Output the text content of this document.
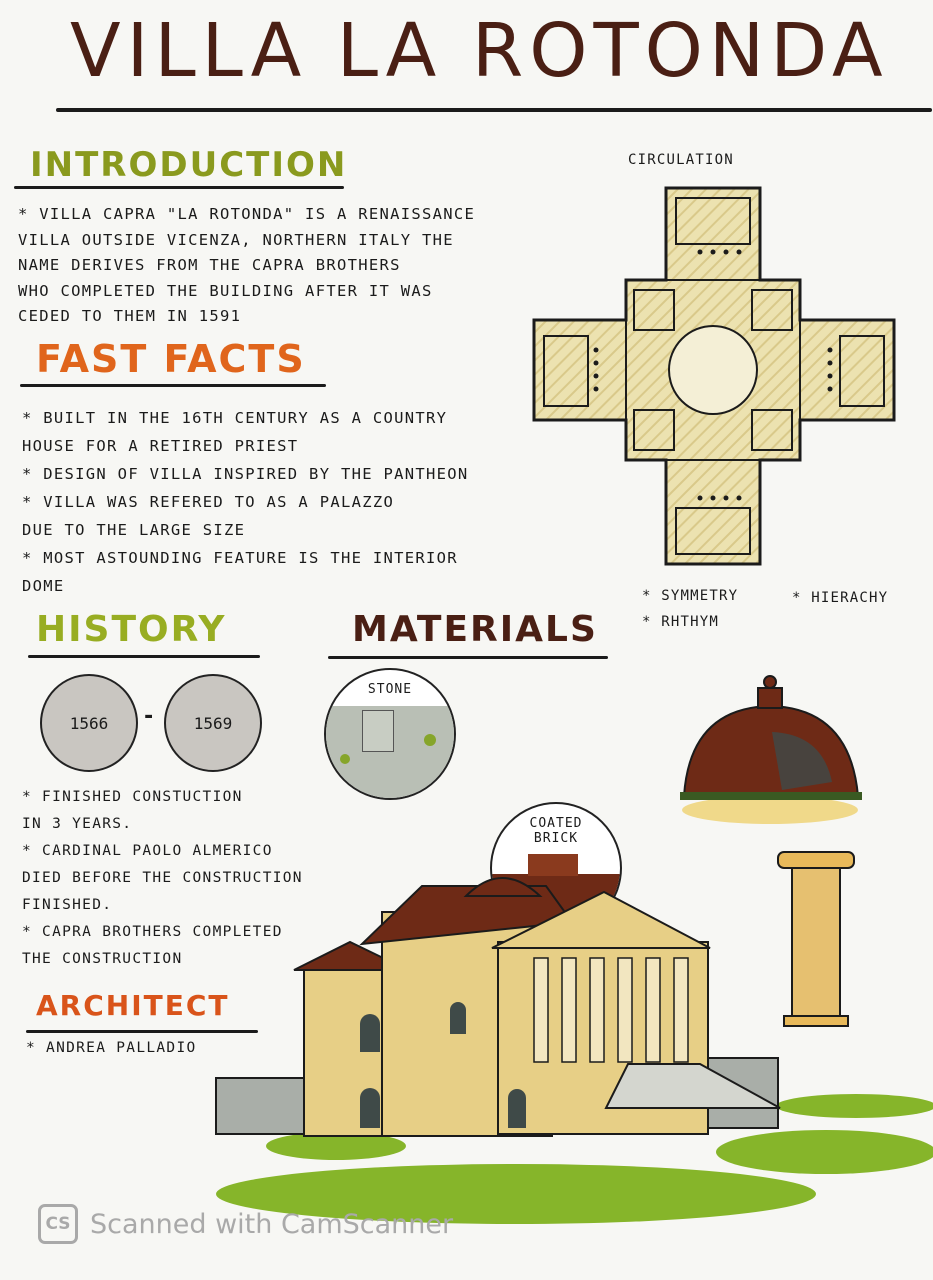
VILLA LA ROTONDA
INTRODUCTION

* VILLA CAPRA "LA ROTONDA" IS A RENAISSANCE

VILLA OUTSIDE VICENZA, NORTHERN ITALY THE

NAME DERIVES FROM THE CAPRA BROTHERS

WHO COMPLETED THE BUILDING AFTER IT WAS

CEDED TO THEM IN 1591

FAST FACTS

* BUILT IN THE 16TH CENTURY AS A COUNTRY

HOUSE FOR A RETIRED PRIEST

* DESIGN OF VILLA INSPIRED BY THE PANTHEON

* VILLA WAS REFERED TO AS A PALAZZO

DUE TO THE LARGE SIZE

* MOST ASTOUNDING FEATURE IS THE INTERIOR

DOME

CIRCULATION
* SYMMETRY	* HIERACHY
* RHTHYM
HISTORY
1566	-	1569

* FINISHED CONSTUCTION

IN 3 YEARS.

* CARDINAL PAOLO ALMERICO

DIED BEFORE THE CONSTRUCTION

FINISHED.

* CAPRA BROTHERS COMPLETED

THE CONSTRUCTION

MATERIALS
STONE
COATED BRICK
ARCHITECT
* ANDREA PALLADIO
CS Scanned with CamScanner
